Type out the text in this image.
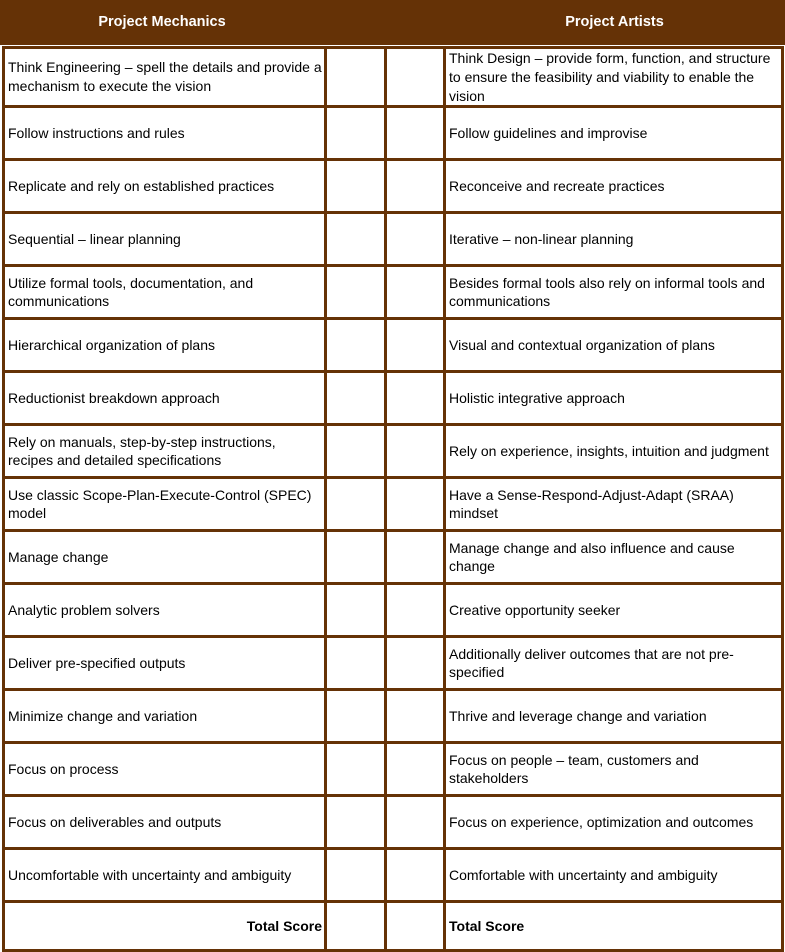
Project Mechanics	Project Artists
Think Engineering – spell the details and provide a mechanism to execute the vision			Think Design – provide form, function, and structure to ensure the feasibility and viability to enable the vision
Follow instructions and rules			Follow guidelines and improvise
Replicate and rely on established practices			Reconceive and recreate practices
Sequential – linear planning			Iterative – non-linear planning
Utilize formal tools, documentation, and communications			Besides formal tools also rely on informal tools and communications
Hierarchical organization of plans			Visual and contextual organization of plans
Reductionist breakdown approach			Holistic integrative approach
Rely on manuals, step-by-step instructions, recipes and detailed specifications			Rely on experience, insights, intuition and judgment
Use classic Scope-Plan-Execute-Control (SPEC) model			Have a Sense-Respond-Adjust-Adapt (SRAA) mindset
Manage change			Manage change and also influence and cause change
Analytic problem solvers			Creative opportunity seeker
Deliver pre-specified outputs			Additionally deliver outcomes that are not pre-specified
Minimize change and variation			Thrive and leverage change and variation
Focus on process			Focus on people – team, customers and stakeholders
Focus on deliverables and outputs			Focus on experience, optimization and outcomes
Uncomfortable with uncertainty and ambiguity			Comfortable with uncertainty and ambiguity
Total Score			Total Score
